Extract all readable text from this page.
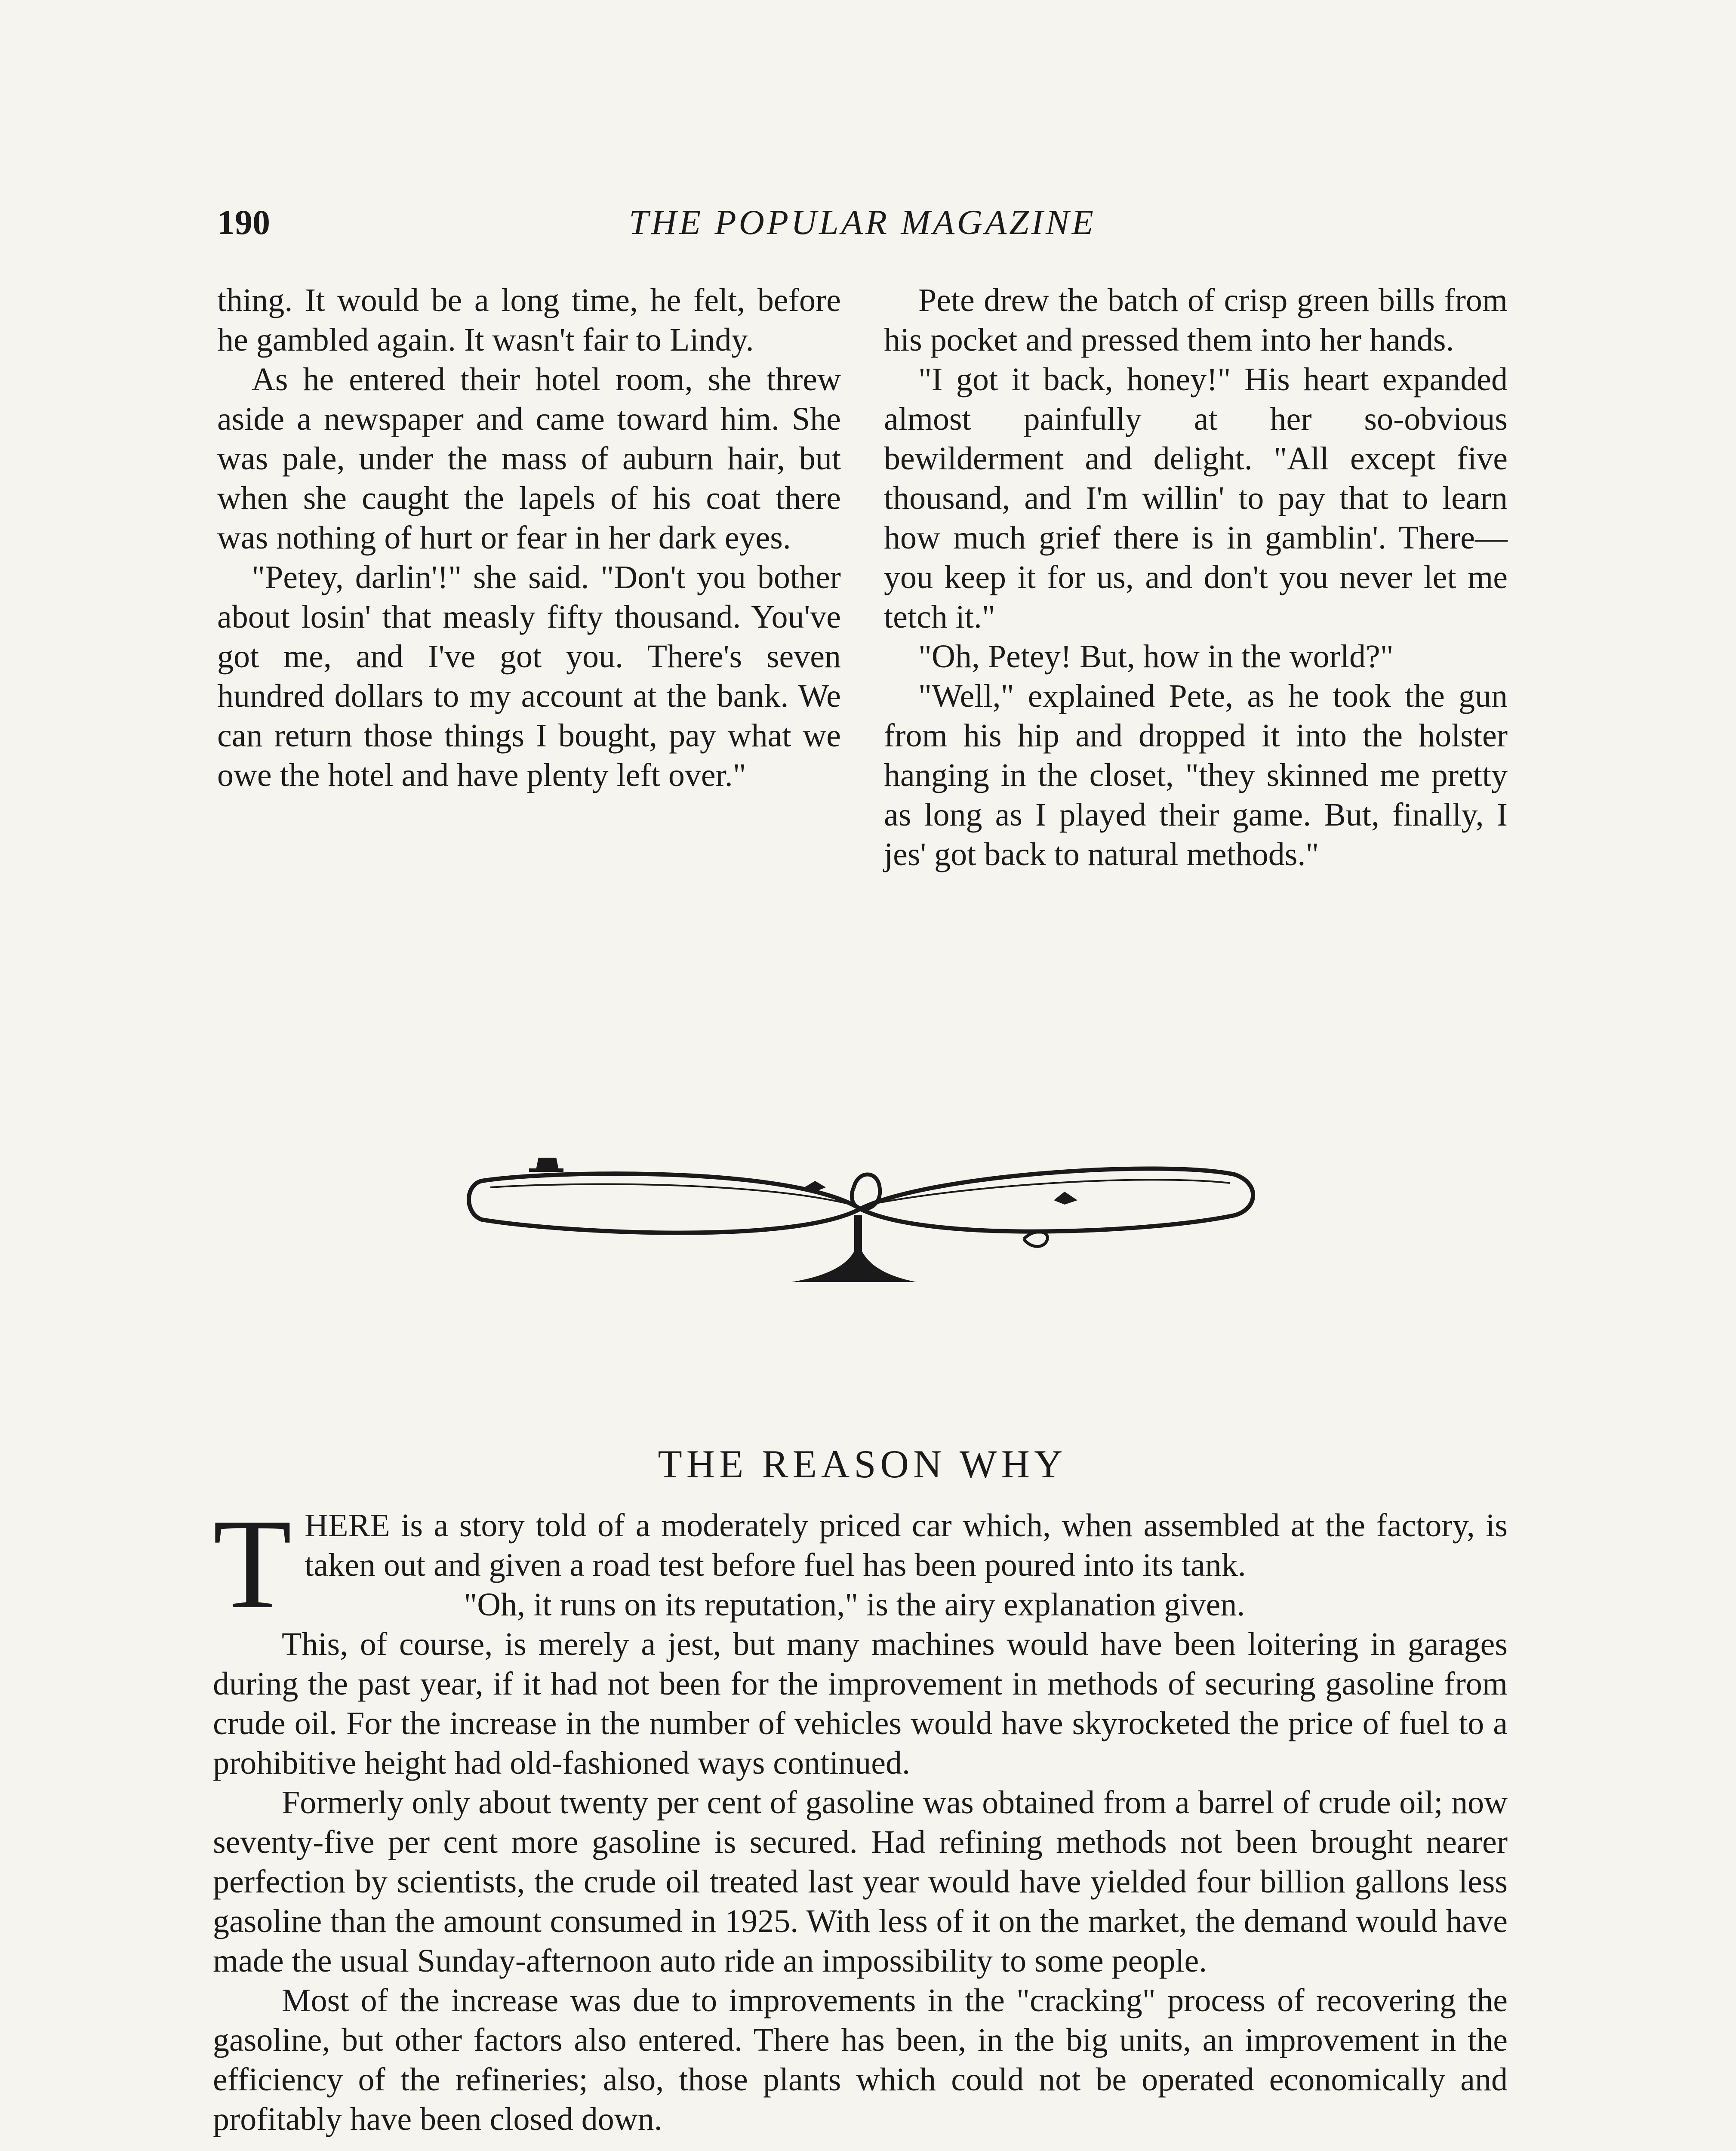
190	THE POPULAR MAGAZINE

thing. It would be a long time, he felt, before he gambled again. It wasn't fair to Lindy.

As he entered their hotel room, she threw aside a newspaper and came toward him. She was pale, under the mass of auburn hair, but when she caught the lapels of his coat there was nothing of hurt or fear in her dark eyes.

"Petey, darlin'!" she said. "Don't you bother about losin' that measly fifty thousand. You've got me, and I've got you. There's seven hundred dollars to my account at the bank. We can return those things I bought, pay what we owe the hotel and have plenty left over."

Pete drew the batch of crisp green bills from his pocket and pressed them into her hands.

"I got it back, honey!" His heart expanded almost painfully at her so-obvious bewilderment and delight. "All except five thousand, and I'm willin' to pay that to learn how much grief there is in gamblin'. There—you keep it for us, and don't you never let me tetch it."

"Oh, Petey! But, how in the world?"

"Well," explained Pete, as he took the gun from his hip and dropped it into the holster hanging in the closet, "they skinned me pretty as long as I played their game. But, finally, I jes' got back to natural methods."

THE REASON WHY

T HERE is a story told of a moderately priced car which, when assembled at the factory, is taken out and given a road test before fuel has been poured into its tank.

"Oh, it runs on its reputation," is the airy explanation given.

This, of course, is merely a jest, but many machines would have been loitering in garages during the past year, if it had not been for the improvement in methods of securing gasoline from crude oil. For the increase in the number of vehicles would have skyrocketed the price of fuel to a prohibitive height had old-fashioned ways continued.

Formerly only about twenty per cent of gasoline was obtained from a barrel of crude oil; now seventy-five per cent more gasoline is secured. Had refining methods not been brought nearer perfection by scientists, the crude oil treated last year would have yielded four billion gallons less gasoline than the amount consumed in 1925. With less of it on the market, the demand would have made the usual Sunday-afternoon auto ride an impossibility to some people.

Most of the increase was due to improvements in the "cracking" process of recovering the gasoline, but other factors also entered. There has been, in the big units, an improvement in the efficiency of the refineries; also, those plants which could not be operated economically and profitably have been closed down.
